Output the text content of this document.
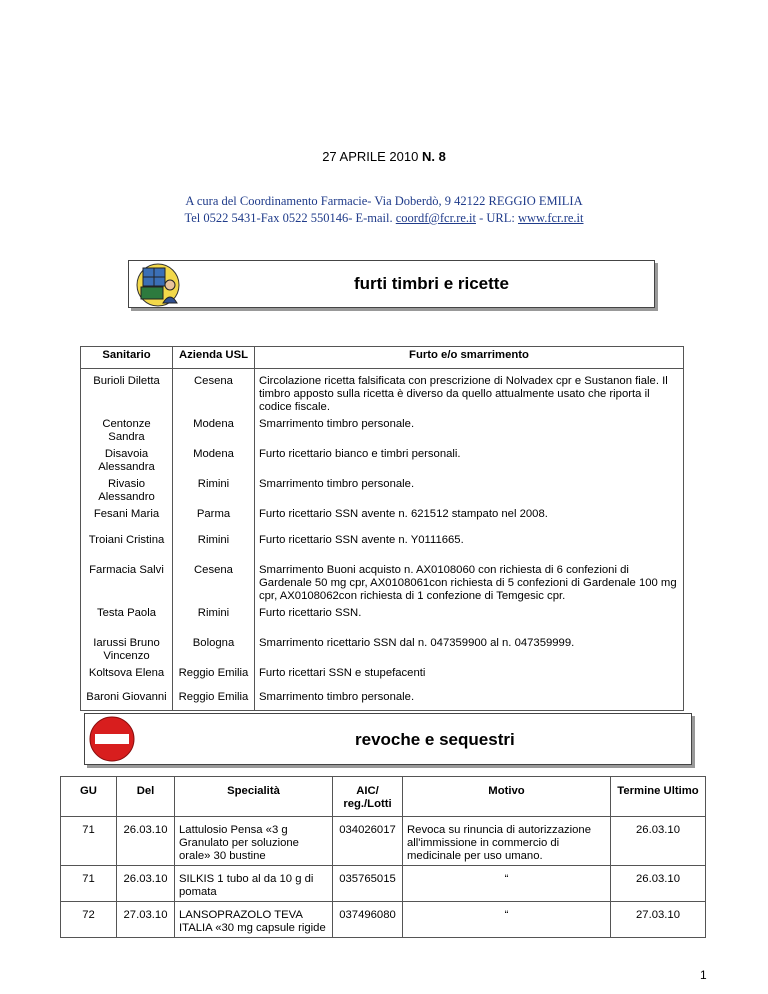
27 APRILE 2010 N. 8
A cura del Coordinamento Farmacie- Via Doberdò, 9 42122 REGGIO EMILIA
Tel 0522 5431-Fax 0522 550146- E-mail. coordf@fcr.re.it - URL: www.fcr.re.it
furti timbri e ricette
Sanitario	Azienda USL	Furto e/o smarrimento
Burioli Diletta	Cesena	Circolazione ricetta falsificata con prescrizione di Nolvadex cpr e Sustanon fiale. Il timbro apposto sulla ricetta è diverso da quello attualmente usato che riporta il codice fiscale.
Centonze Sandra	Modena	Smarrimento timbro personale.
Disavoia Alessandra	Modena	Furto ricettario bianco e timbri personali.
Rivasio Alessandro	Rimini	Smarrimento timbro personale.
Fesani Maria	Parma	Furto ricettario SSN avente n. 621512 stampato nel 2008.
Troiani Cristina	Rimini	Furto ricettario SSN avente n. Y0111665.
Farmacia Salvi	Cesena	Smarrimento Buoni acquisto n. AX0108060 con richiesta di 6 confezioni di Gardenale 50 mg cpr, AX0108061con richiesta di 5 confezioni di Gardenale 100 mg cpr, AX0108062con richiesta di 1 confezione di Temgesic cpr.
Testa Paola	Rimini	Furto ricettario SSN.
Iarussi Bruno Vincenzo	Bologna	Smarrimento ricettario SSN dal n. 047359900 al n. 047359999.
Koltsova Elena	Reggio Emilia	Furto ricettari SSN e stupefacenti
Baroni Giovanni	Reggio Emilia	Smarrimento timbro personale.
revoche e sequestri
GU	Del	Specialità	AIC/ reg./Lotti	Motivo	Termine Ultimo
71	26.03.10	Lattulosio Pensa «3 g Granulato per soluzione orale» 30 bustine	034026017	Revoca su rinuncia di autorizzazione all'immissione in commercio di medicinale per uso umano.	26.03.10
71	26.03.10	SILKIS 1 tubo al da 10 g di pomata	035765015	“	26.03.10
72	27.03.10	LANSOPRAZOLO TEVA ITALIA «30 mg capsule rigide	037496080	“	27.03.10
1
